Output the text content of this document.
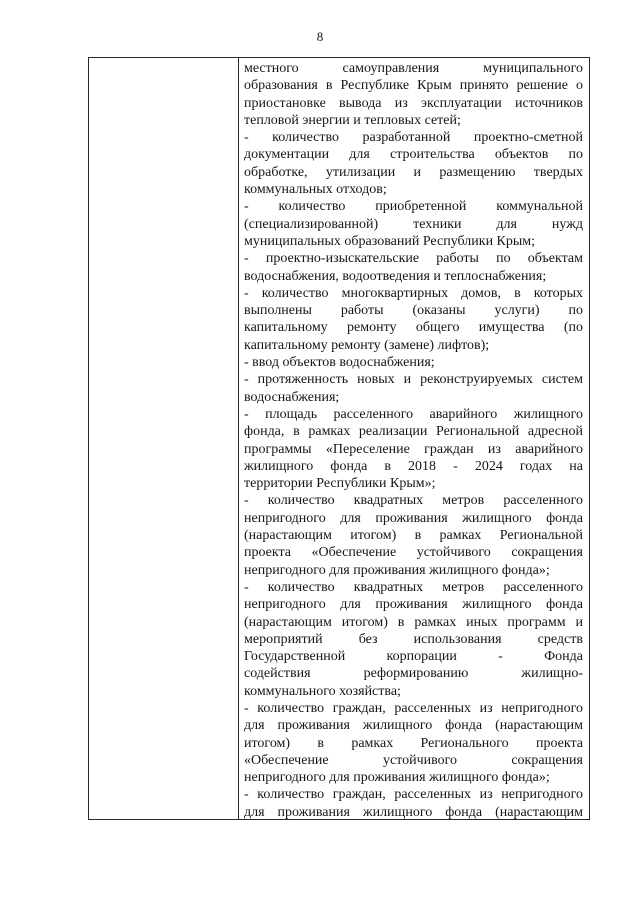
8
местного самоуправления муниципального
образования в Республике Крым принято решение о
приостановке вывода из эксплуатации источников
тепловой энергии и тепловых сетей;
- количество разработанной проектно-сметной
документации для строительства объектов по
обработке, утилизации и размещению твердых
коммунальных отходов;
- количество приобретенной коммунальной
(специализированной) техники для нужд
муниципальных образований Республики Крым;
- проектно-изыскательские работы по объектам
водоснабжения, водоотведения и теплоснабжения;
- количество многоквартирных домов, в которых
выполнены работы (оказаны услуги) по
капитальному ремонту общего имущества (по
капитальному ремонту (замене) лифтов);
- ввод объектов водоснабжения;
- протяженность новых и реконструируемых систем
водоснабжения;
- площадь расселенного аварийного жилищного
фонда, в рамках реализации Региональной адресной
программы «Переселение граждан из аварийного
жилищного фонда в 2018 - 2024 годах на
территории Республики Крым»;
- количество квадратных метров расселенного
непригодного для проживания жилищного фонда
(нарастающим итогом) в рамках Региональной
проекта «Обеспечение устойчивого сокращения
непригодного для проживания жилищного фонда»;
- количество квадратных метров расселенного
непригодного для проживания жилищного фонда
(нарастающим итогом) в рамках иных программ и
мероприятий без использования средств
Государственной корпорации - Фонда
содействия реформированию жилищно-
коммунального хозяйства;
- количество граждан, расселенных из непригодного
для проживания жилищного фонда (нарастающим
итогом) в рамках Регионального проекта
«Обеспечение устойчивого сокращения
непригодного для проживания жилищного фонда»;
- количество граждан, расселенных из непригодного
для проживания жилищного фонда (нарастающим
